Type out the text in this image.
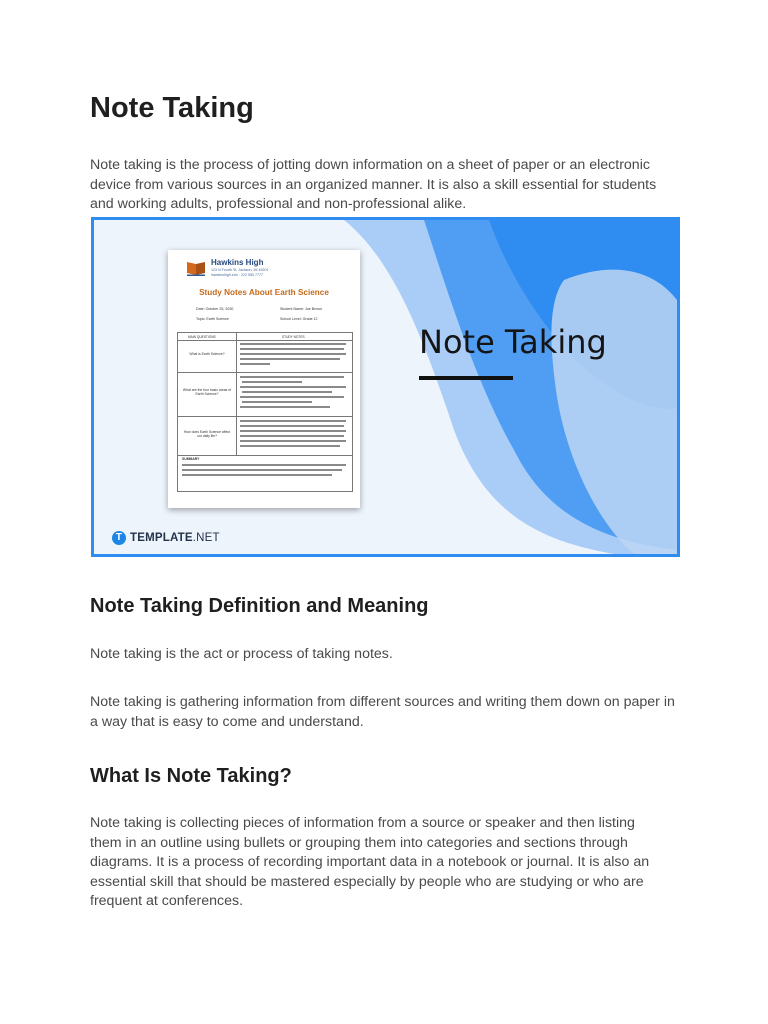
Note Taking

Note taking is the process of jotting down information on a sheet of paper or an electronic device from various sources in an organized manner. It is also a skill essential for students and working adults, professional and non-professional alike.

Hawkins High
123 N Fourth St, Jackson, MI 49201 · hawkinshigh.edu · 222 555 7777
Study Notes About Earth Science
Date: October 25, 2030
Topic: Earth Science
Student Name: Joe Brown
School Level: Grade 12
MAIN QUESTIONS	STUDY NOTES
What is Earth Science?
What are the four basic areas of Earth Science?
How does Earth Science affect our daily life?
SUMMARY
Note Taking
T TEMPLATE .NET
Note Taking Definition and Meaning

Note taking is the act or process of taking notes.

Note taking is gathering information from different sources and writing them down on paper in a way that is easy to come and understand.

What Is Note Taking?

Note taking is collecting pieces of information from a source or speaker and then listing them in an outline using bullets or grouping them into categories and sections through diagrams. It is a process of recording important data in a notebook or journal. It is also an essential skill that should be mastered especially by people who are studying or who are frequent at conferences.
